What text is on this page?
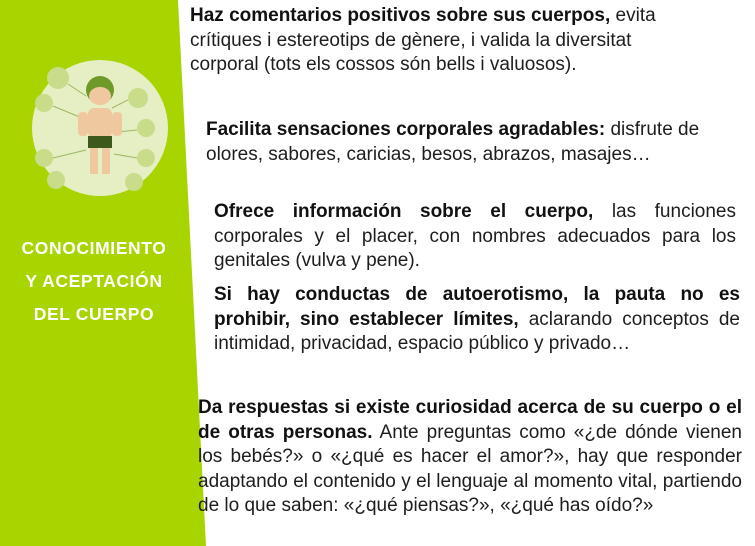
CONOCIMIENTO
Y ACEPTACIÓN
DEL CUERPO

Haz comentarios positivos sobre sus cuerpos, evita crítiques i estereotips de gènere, i valida la diversitat corporal (tots els cossos són bells i valuosos).

Facilita sensaciones corporales agradables: disfrute de olores, sabores, caricias, besos, abrazos, masajes…

Ofrece información sobre el cuerpo, las funciones corporales y el placer, con nombres adecuados para los genitales (vulva y pene).

Si hay conductas de autoerotismo, la pauta no es prohibir, sino establecer límites, aclarando conceptos de intimidad, privacidad, espacio público y privado…

Da respuestas si existe curiosidad acerca de su cuerpo o el de otras personas. Ante preguntas como «¿de dónde vienen los bebés?» o «¿qué es hacer el amor?», hay que responder adaptando el contenido y el lenguaje al momento vital, partiendo de lo que saben: «¿qué piensas?», «¿qué has oído?»
